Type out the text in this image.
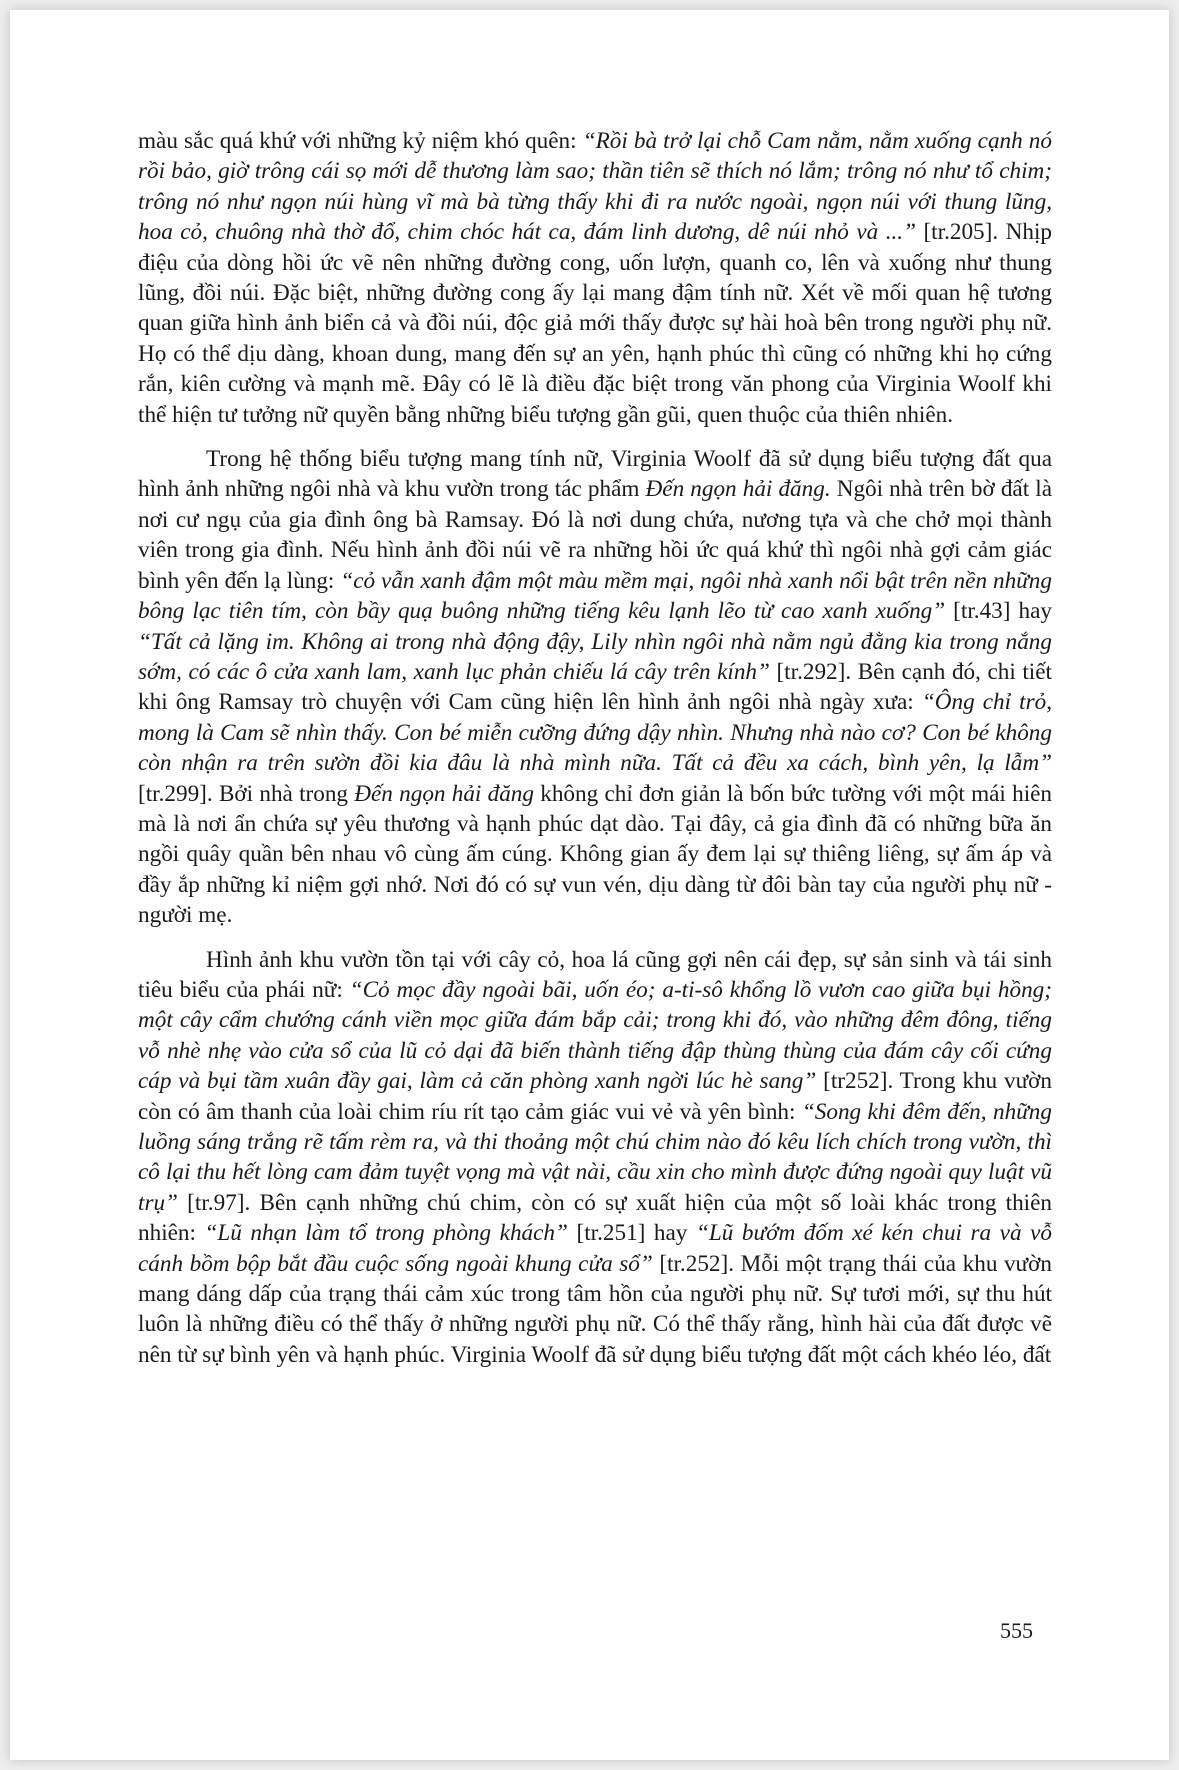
màu sắc quá khứ với những kỷ niệm khó quên: “Rồi bà trở lại chỗ Cam nằm, nằm xuống cạnh nó rồi bảo, giờ trông cái sọ mới dễ thương làm sao; thần tiên sẽ thích nó lắm; trông nó như tổ chim; trông nó như ngọn núi hùng vĩ mà bà từng thấy khi đi ra nước ngoài, ngọn núi với thung lũng, hoa cỏ, chuông nhà thờ đổ, chim chóc hát ca, đám linh dương, dê núi nhỏ và ...” [tr.205]. Nhịp điệu của dòng hồi ức vẽ nên những đường cong, uốn lượn, quanh co, lên và xuống như thung lũng, đồi núi. Đặc biệt, những đường cong ấy lại mang đậm tính nữ. Xét về mối quan hệ tương quan giữa hình ảnh biển cả và đồi núi, độc giả mới thấy được sự hài hoà bên trong người phụ nữ. Họ có thể dịu dàng, khoan dung, mang đến sự an yên, hạnh phúc thì cũng có những khi họ cứng rắn, kiên cường và mạnh mẽ. Đây có lẽ là điều đặc biệt trong văn phong của Virginia Woolf khi thể hiện tư tưởng nữ quyền bằng những biểu tượng gần gũi, quen thuộc của thiên nhiên.

Trong hệ thống biểu tượng mang tính nữ, Virginia Woolf đã sử dụng biểu tượng đất qua hình ảnh những ngôi nhà và khu vườn trong tác phẩm Đến ngọn hải đăng. Ngôi nhà trên bờ đất là nơi cư ngụ của gia đình ông bà Ramsay. Đó là nơi dung chứa, nương tựa và che chở mọi thành viên trong gia đình. Nếu hình ảnh đồi núi vẽ ra những hồi ức quá khứ thì ngôi nhà gợi cảm giác bình yên đến lạ lùng: “cỏ vẫn xanh đậm một màu mềm mại, ngôi nhà xanh nổi bật trên nền những bông lạc tiên tím, còn bầy quạ buông những tiếng kêu lạnh lẽo từ cao xanh xuống” [tr.43] hay “Tất cả lặng im. Không ai trong nhà động đậy, Lily nhìn ngôi nhà nằm ngủ đằng kia trong nắng sớm, có các ô cửa xanh lam, xanh lục phản chiếu lá cây trên kính” [tr.292]. Bên cạnh đó, chi tiết khi ông Ramsay trò chuyện với Cam cũng hiện lên hình ảnh ngôi nhà ngày xưa: “Ông chỉ trỏ, mong là Cam sẽ nhìn thấy. Con bé miễn cưỡng đứng dậy nhìn. Nhưng nhà nào cơ? Con bé không còn nhận ra trên sườn đồi kia đâu là nhà mình nữa. Tất cả đều xa cách, bình yên, lạ lẫm” [tr.299]. Bởi nhà trong Đến ngọn hải đăng không chỉ đơn giản là bốn bức tường với một mái hiên mà là nơi ẩn chứa sự yêu thương và hạnh phúc dạt dào. Tại đây, cả gia đình đã có những bữa ăn ngồi quây quần bên nhau vô cùng ấm cúng. Không gian ấy đem lại sự thiêng liêng, sự ấm áp và đầy ắp những kỉ niệm gợi nhớ. Nơi đó có sự vun vén, dịu dàng từ đôi bàn tay của người phụ nữ - người mẹ.

Hình ảnh khu vườn tồn tại với cây cỏ, hoa lá cũng gợi nên cái đẹp, sự sản sinh và tái sinh tiêu biểu của phái nữ: “Cỏ mọc đầy ngoài bãi, uốn éo; a-ti-sô khổng lồ vươn cao giữa bụi hồng; một cây cẩm chướng cánh viền mọc giữa đám bắp cải; trong khi đó, vào những đêm đông, tiếng vỗ nhè nhẹ vào cửa sổ của lũ cỏ dại đã biến thành tiếng đập thùng thùng của đám cây cối cứng cáp và bụi tầm xuân đầy gai, làm cả căn phòng xanh ngời lúc hè sang” [tr252]. Trong khu vườn còn có âm thanh của loài chim ríu rít tạo cảm giác vui vẻ và yên bình: “Song khi đêm đến, những luồng sáng trắng rẽ tấm rèm ra, và thi thoảng một chú chim nào đó kêu lích chích trong vườn, thì cô lại thu hết lòng cam đảm tuyệt vọng mà vật nài, cầu xin cho mình được đứng ngoài quy luật vũ trụ” [tr.97]. Bên cạnh những chú chim, còn có sự xuất hiện của một số loài khác trong thiên nhiên: “Lũ nhạn làm tổ trong phòng khách” [tr.251] hay “Lũ bướm đốm xé kén chui ra và vỗ cánh bồm bộp bắt đầu cuộc sống ngoài khung cửa sổ” [tr.252]. Mỗi một trạng thái của khu vườn mang dáng dấp của trạng thái cảm xúc trong tâm hồn của người phụ nữ. Sự tươi mới, sự thu hút luôn là những điều có thể thấy ở những người phụ nữ. Có thể thấy rằng, hình hài của đất được vẽ nên từ sự bình yên và hạnh phúc. Virginia Woolf đã sử dụng biểu tượng đất một cách khéo léo, đất

555
